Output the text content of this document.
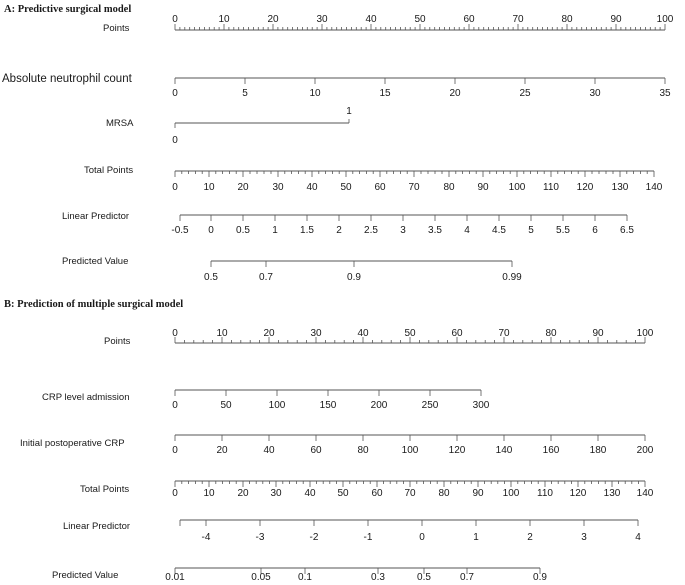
A: Predictive surgical model
Points
Absolute neutrophil count
MRSA
Total Points
Linear Predictor
Predicted Value
B: Prediction of multiple surgical model
Points
CRP level admission
Initial postoperative CRP
Total Points
Linear Predictor
Predicted Value
0	10	20	30	40	50	60	70	80	90	100
0	5	10	15	20	25	30	35
0
1
0	10 20 30 40 50 60 70 80 90 100 110 120 130 140
-0.5 0 0.5 1 1.5 2 2.5 3 3.5 4 4.5 5 5.5 6 6.5
0.5	0.7	0.9	0.99
0	10	20	30	40	50	60	70	80	90	100
0	50	100	150	200	250	300
0	20	40	60	80	100	120	140	160	180	200
0	10 20 30 40 50 60 70 80 90 100 110 120 130 140
-4	-3	-2	-1	0	1	2	3	4
0.01	0.05	0.1	0.3	0.5	0.7	0.9
